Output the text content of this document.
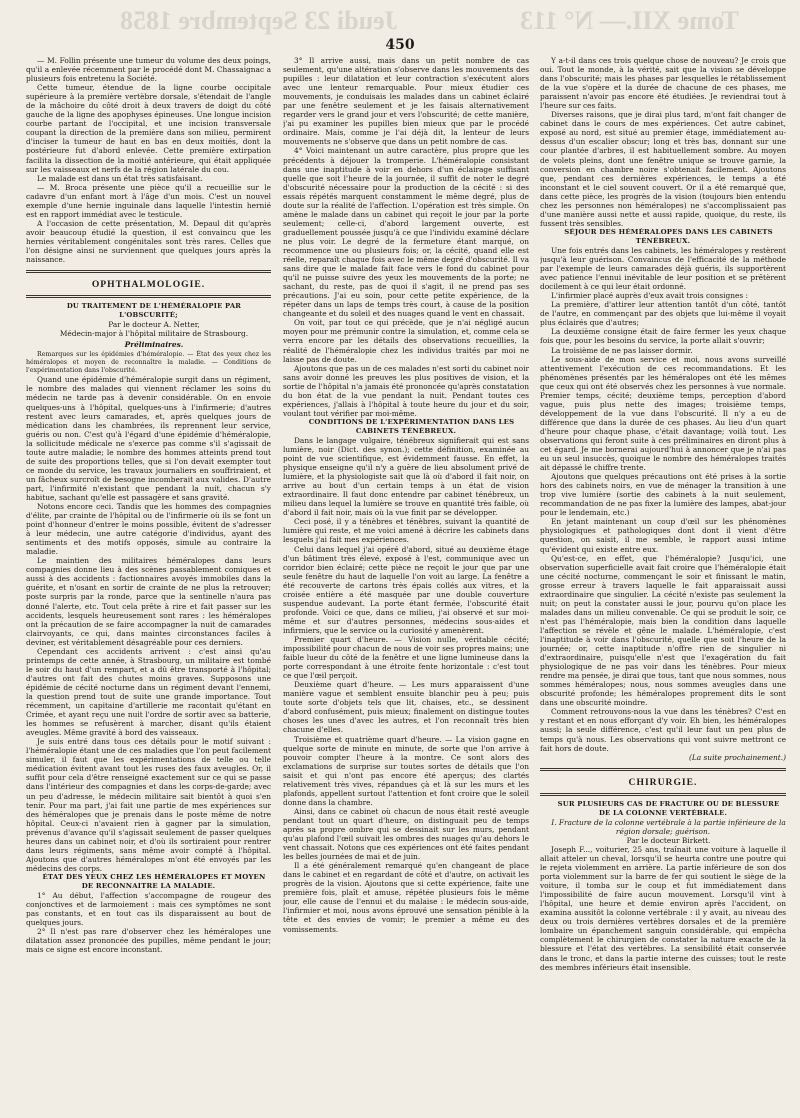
Jeudi 23 Septembre 1858	Tome XII.— N° 113
450

— M. Follin présente une tumeur du volume des deux poings, qu'il a enlevée récemment par le procédé dont M. Chassaignac a plusieurs fois entretenu la Société.

Cette tumeur, étendue de la ligne courbe occipitale supérieure à la première vertèbre dorsale, s'étendait de l'angle de la mâchoire du côté droit à deux travers de doigt du côté gauche de la ligne des apophyses épineuses. Une longue incision courbe partant de l'occipital, et une incision transversale coupant la direction de la première dans son milieu, permirent d'inciser la tumeur de haut en bas en deux moitiés, dont la postérieure fut d'abord enlevée. Cette première extirpation facilita la dissection de la moitié antérieure, qui était appliquée sur les vaisseaux et nerfs de la région latérale du cou.

Le malade est dans un état très satisfaisant.

— M. Broca présente une pièce qu'il a recueillie sur le cadavre d'un enfant mort à l'âge d'un mois. C'est un nouvel exemple d'une hernie inguinale dans laquelle l'intestin hernié est en rapport immédiat avec le testicule.

A l'occasion de cette présentation, M. Depaul dit qu'après avoir beaucoup étudié la question, il est convaincu que les hernies véritablement congénitales sont très rares. Celles que l'on désigne ainsi ne surviennent que quelques jours après la naissance.

OPHTHALMOLOGIE.

DU TRAITEMENT DE L'HÉMÉRALOPIE PAR L'OBSCURITÉ;

Par le docteur A. Netter,

Médecin-major à l'hôpital militaire de Strasbourg.

Préliminaires.

Remarques sur les épidémies d'héméralopie. — État des yeux chez les héméralopes et moyen de reconnaître la maladie. — Conditions de l'expérimentation dans l'obscurité.

Quand une épidémie d'héméralopie surgit dans un régiment, le nombre des malades qui viennent réclamer les soins du médecin ne tarde pas à devenir considérable. On en envoie quelques-uns à l'hôpital, quelques-uns à l'infirmerie; d'autres restent avec leurs camarades, et, après quelques jours de médication dans les chambrées, ils reprennent leur service, guéris ou non. C'est qu'à l'égard d'une épidémie d'héméralopie, la sollicitude médicale ne s'exerce pas comme s'il s'agissait de toute autre maladie; le nombre des hommes atteints prend tout de suite des proportions telles, que si l'on devait exempter tout ce monde du service, les travaux journaliers en souffriraient, et un fâcheux surcroît de besogne incomberait aux valides. D'autre part, l'infirmité n'existant que pendant la nuit, chacun s'y habitue, sachant qu'elle est passagère et sans gravité.

Notons encore ceci. Tandis que les hommes des compagnies d'élite, par crainte de l'hôpital ou de l'infirmerie où ils se font un point d'honneur d'entrer le moins possible, évitent de s'adresser à leur médecin, une autre catégorie d'individus, ayant des sentiments et des motifs opposés, simule au contraire la maladie.

Le maintien des militaires héméralopes dans leurs compagnies donne lieu à des scènes passablement comiques et aussi à des accidents : factionnaires avoyés immobiles dans la guérite, et n'osant en sortir de crainte de ne plus la retrouver; poste surpris par la ronde, parce que la sentinelle n'aura pas donné l'alerte, etc. Tout cela prête à rire et fait passer sur les accidents, lesquels heureusement sont rares : les héméralopes ont la précaution de se faire accompagner la nuit de camarades clairvoyants, ce qui, dans maintes circonstances faciles à deviner, est véritablement désagréable pour ces derniers.

Cependant ces accidents arrivent : c'est ainsi qu'au printemps de cette année, à Strasbourg, un militaire est tombé le soir du haut d'un rempart, et a dû être transporté à l'hôpital; d'autres ont fait des chutes moins graves. Supposons une épidémie de cécité nocturne dans un régiment devant l'ennemi, la question prend tout de suite une grande importance. Tout récemment, un capitaine d'artillerie me racontait qu'étant en Crimée, et ayant reçu une nuit l'ordre de sortir avec sa batterie, les hommes se refusèrent à marcher, disant qu'ils étaient aveugles. Même gravité à bord des vaisseaux.

Je suis entré dans tous ces détails pour le motif suivant : l'héméralopie étant une de ces maladies que l'on peut facilement simuler, il faut que les expérimentations de telle ou telle médication évitent avant tout les ruses des faux aveugles. Or, il suffit pour cela d'être renseigné exactement sur ce qui se passe dans l'intérieur des compagnies et dans les corps-de-garde; avec un peu d'adresse, le médecin militaire sait bientôt à quoi s'en tenir. Pour ma part, j'ai fait une partie de mes expériences sur des héméralopes que je prenais dans le poste même de notre hôpital. Ceux-ci n'avaient rien à gagner par la simulation, prévenus d'avance qu'il s'agissait seulement de passer quelques heures dans un cabinet noir, et d'où ils sortiraient pour rentrer dans leurs régiments, sans même avoir compté à l'hôpital. Ajoutons que d'autres héméralopes m'ont été envoyés par les médecins des corps.

ÉTAT DES YEUX CHEZ LES HÉMÉRALOPES ET MOYEN DE RECONNAITRE LA MALADIE.

1° Au début, l'affection s'accompagne de rougeur des conjonctives et de larmoiement : mais ces symptômes ne sont pas constants, et en tout cas ils disparaissent au bout de quelques jours.

2° Il n'est pas rare d'observer chez les héméralopes une dilatation assez prononcée des pupilles, même pendant le jour; mais ce signe est encore inconstant.

3° Il arrive aussi, mais dans un petit nombre de cas seulement, qu'une altération s'observe dans les mouvements des pupilles : leur dilatation et leur contraction s'exécutent alors avec une lenteur remarquable. Pour mieux étudier ces mouvements, je conduisais les malades dans un cabinet éclairé par une fenêtre seulement et je les faisais alternativement regarder vers le grand jour et vers l'obscurité; de cette manière, j'ai pu examiner les pupilles bien mieux que par le procédé ordinaire. Mais, comme je l'ai déjà dit, la lenteur de leurs mouvements ne s'observe que dans un petit nombre de cas.

4° Voici maintenant un autre caractère, plus propre que les précédents à déjouer la tromperie. L'héméralopie consistant dans une inaptitude à voir en dehors d'un éclairage suffisant quelle que soit l'heure de la journée, il suffit de noter le degré d'obscurité nécessaire pour la production de la cécité : si des essais répétés marquent constamment le même degré, plus de doute sur la réalité de l'affection. L'opération est très simple. On amène le malade dans un cabinet qui reçoit le jour par la porte seulement; celle-ci, d'abord largement ouverte, est graduellement poussée jusqu'à ce que l'individu examiné déclare ne plus voir. Le degré de la fermeture étant marqué, on recommence une ou plusieurs fois; or, la cécité, quand elle est réelle, reparaît chaque fois avec le même degré d'obscurité. Il va sans dire que le malade fait face vers le fond du cabinet pour qu'il ne puisse suivre des yeux les mouvements de la porte; ne sachant, du reste, pas de quoi il s'agit, il ne prend pas ses précautions. J'ai eu soin, pour cette petite expérience, de la répéter dans un laps de temps très court, à cause de la position changeante et du soleil et des nuages quand le vent en chassait.

On voit, par tout ce qui précède, que je n'ai négligé aucun moyen pour me prémunir contre la simulation, et, comme cela se verra encore par les détails des observations recueillies, la réalité de l'héméralopie chez les individus traités par moi ne laisse pas de doute.

Ajoutons que pas un de ces malades n'est sorti du cabinet noir sans avoir donné les preuves les plus positives de vision, et la sortie de l'hôpital n'a jamais été prononcée qu'après constatation du bon état de la vue pendant la nuit. Pendant toutes ces expériences, j'allais à l'hôpital à toute heure du jour et du soir, voulant tout vérifier par moi-même.

CONDITIONS DE L'EXPÉRIMENTATION DANS LES CABINETS TÉNÉBREUX.

Dans le langage vulgaire, ténébreux signifierait qui est sans lumière, noir (Dict. des synon.); cette définition, examinée au point de vue scientifique, est évidemment fausse. En effet, la physique enseigne qu'il n'y a guère de lieu absolument privé de lumière, et la physiologiste sait que là où d'abord il fait noir, on arrive au bout d'un certain temps à un état de vision extraordinaire. Il faut donc entendre par cabinet ténébreux, un milieu dans lequel la lumière se trouve en quantité très faible, où d'abord il fait noir, mais où la vue finit par se développer.

Ceci posé, il y a ténèbres et ténèbres, suivant la quantité de lumière qui reste, et me voici amené à décrire les cabinets dans lesquels j'ai fait mes expériences.

Celui dans lequel j'ai opéré d'abord, situé au deuxième étage d'un bâtiment très élevé, exposé à l'est, communique avec un corridor bien éclairé; cette pièce ne reçoit le jour que par une seule fenêtre du haut de laquelle l'on voit au large. La fenêtre a été recouverte de cartons très épais collés aux vitres, et la croisée entière a été masquée par une double couverture suspendue audevant. La porte étant fermée, l'obscurité était profonde. Voici ce que, dans ce milieu, j'ai observé et sur moi-même et sur d'autres personnes, médecins sous-aides et infirmiers, que le service ou la curiosité y amenèrent.

Premier quart d'heure. — Vision nulle, véritable cécité; impossibilité pour chacun de nous de voir ses propres mains; une faible lueur du côté de la fenêtre et une ligne lumineuse dans la porte correspondant à une étroite fente horizontale : c'est tout ce que l'œil perçoit.

Deuxième quart d'heure. — Les murs apparaissent d'une manière vague et semblent ensuite blanchir peu à peu; puis toute sorte d'objets tels que lit, chaises, etc., se dessinent d'abord confusément, puis mieux; finalement on distingue toutes choses les unes d'avec les autres, et l'on reconnaît très bien chacune d'elles.

Troisième et quatrième quart d'heure. — La vision gagne en quelque sorte de minute en minute, de sorte que l'on arrive à pouvoir compter l'heure à la montre. Ce sont alors des exclamations de surprise sur toutes sortes de détails que l'on saisit et qui n'ont pas encore été aperçus; des clartés relativement très vives, répandues çà et là sur les murs et les plafonds, appellent surtout l'attention et font croire que le soleil donne dans la chambre.

Ainsi, dans ce cabinet où chacun de nous était resté aveugle pendant tout un quart d'heure, on distinguait peu de temps après sa propre ombre qui se dessinait sur les murs, pendant qu'au plafond l'œil suivait les ombres des nuages qu'au dehors le vent chassait. Notons que ces expériences ont été faites pendant les belles journées de mai et de juin.

Il a été généralement remarqué qu'en changeant de place dans le cabinet et en regardant de côté et d'autre, on activait les progrès de la vision. Ajoutons que si cette expérience, faite une première fois, plaît et amuse, répétée plusieurs fois le même jour, elle cause de l'ennui et du malaise : le médecin sous-aide, l'infirmier et moi, nous avons éprouvé une sensation pénible à la tête et des envies de vomir; le premier a même eu des vomissements.

Y a-t-il dans ces trois quelque chose de nouveau? Je crois que oui. Tout le monde, à la vérité, sait que la vision se développe dans l'obscurité; mais les phases par lesquelles le rétablissement de la vue s'opère et la durée de chacune de ces phases, me paraissent n'avoir pas encore été étudiées. Je reviendrai tout à l'heure sur ces faits.

Diverses raisons, que je dirai plus tard, m'ont fait changer de cabinet dans le cours de mes expériences. Cet autre cabinet, exposé au nord, est situé au premier étage, immédiatement au-dessus d'un escalier obscur; long et très bas, donnant sur une cour plantée d'arbres, il est habituellement sombre. Au moyen de volets pleins, dont une fenêtre unique se trouve garnie, la conversion en chambre noire s'obtenait facilement. Ajoutons que, pendant ces dernières expériences, le temps a été inconstant et le ciel souvent couvert. Or il a été remarqué que, dans cette pièce, les progrès de la vision (toujours bien entendu chez les personnes non héméralopes) ne s'accomplissaient pas d'une manière aussi nette et aussi rapide, quoique, du reste, ils fussent très sensibles.

SÉJOUR DES HÉMÉRALOPES DANS LES CABINETS TÉNÉBREUX.

Une fois entrés dans les cabinets, les héméralopes y restèrent jusqu'à leur guérison. Convaincus de l'efficacité de la méthode par l'exemple de leurs camarades déjà guéris, ils supportèrent avec patience l'ennui inévitable de leur position et se prêtèrent docilement à ce qui leur était ordonné.

L'infirmier placé auprès d'eux avait trois consignes :

La première, d'attirer leur attention tantôt d'un côté, tantôt de l'autre, en commençant par des objets que lui-même il voyait plus éclairés que d'autres;

La deuxième consigne était de faire fermer les yeux chaque fois que, pour les besoins du service, la porte allait s'ouvrir;

La troisième de ne pas laisser dormir.

Le sous-aide de mon service et moi, nous avons surveillé attentivement l'exécution de ces recommandations. Et les phénomènes présentés par les héméralopes ont été les mêmes que ceux qui ont été observés chez les personnes à vue normale. Premier temps, cécité; deuxième temps, perception d'abord vague, puis plus nette des images; troisième temps, développement de la vue dans l'obscurité. Il n'y a eu de différence que dans la durée de ces phases. Au lieu d'un quart d'heure pour chaque phase, c'était davantage; voilà tout. Les observations qui feront suite à ces préliminaires en diront plus à cet égard. Je me bornerai aujourd'hui à annoncer que je n'ai pas eu un seul insuccès, quoique le nombre des héméralopes traités ait dépassé le chiffre trente.

Ajoutons que quelques précautions ont été prises à la sortie hors des cabinets noirs, en vue de ménager la transition à une trop vive lumière (sortie des cabinets à la nuit seulement, recommandation de ne pas fixer la lumière des lampes, abat-jour pour le lendemain, etc.)

En jetant maintenant un coup d'œil sur les phénomènes physiologiques et pathologiques dont dont il vient d'être question, on saisit, il me semble, le rapport aussi intime qu'évident qui existe entre eux.

Qu'est-ce, en effet, que l'héméralopie? Jusqu'ici, une observation superficielle avait fait croire que l'héméralopie était une cécité nocturne, commençant le soir et finissant le matin, grosse erreur à travers laquelle le fait apparaissait aussi extraordinaire que singulier. La cécité n'existe pas seulement la nuit; on peut la constater aussi le jour, pourvu qu'on place les malades dans un milieu convenable. Ce qui se produit le soir, ce n'est pas l'héméralopie, mais bien la condition dans laquelle l'affection se révèle et gêne le malade. L'héméralopie, c'est l'inaptitude à voir dans l'obscurité, quelle que soit l'heure de la journée; or, cette inaptitude n'offre rien de singulier ni d'extraordinaire, puisqu'elle n'est que l'exagération du fait physiologique de ne pas voir dans les ténèbres. Pour mieux rendre ma pensée, je dirai que tous, tant que nous sommes, nous sommes héméralopes; nous, nous sommes aveugles dans une obscurité profonde; les héméralopes proprement dits le sont dans une obscurité moindre.

Comment retrouvons-nous la vue dans les ténèbres? C'est en y restant et en nous efforçant d'y voir. Eh bien, les héméralopes aussi; la seule différence, c'est qu'il leur faut un peu plus de temps qu'à nous. Les observations qui vont suivre mettront ce fait hors de doute.

(La suite prochainement.)

CHIRURGIE.

SUR PLUSIEURS CAS DE FRACTURE OU DE BLESSURE DE LA COLONNE VERTÉBRALE.

I. Fracture de la colonne vertébrale à la partie inférieure de la région dorsale; guérison.

Par le docteur Birkett.

Joseph F..., voiturier, 25 ans, traînait une voiture à laquelle il allait atteler un cheval, lorsqu'il se heurta contre une poutre qui le rejeta violemment en arrière. La partie inférieure de son dos porta violemment sur la barre de fer qui soutient le siège de la voiture, il tomba sur le coup et fut immédiatement dans l'impossibilité de faire aucun mouvement. Lorsqu'il vint à l'hôpital, une heure et demie environ après l'accident, on examina aussitôt la colonne vertébrale : il y avait, au niveau des deux ou trois dernières vertèbres dorsales et de la première lombaire un épanchement sanguin considérable, qui empêcha complètement le chirurgien de constater la nature exacte de la blessure et l'état des vertèbres. La sensibilité était conservée dans le tronc, et dans la partie interne des cuisses; tout le reste des membres inférieurs était insensible.
